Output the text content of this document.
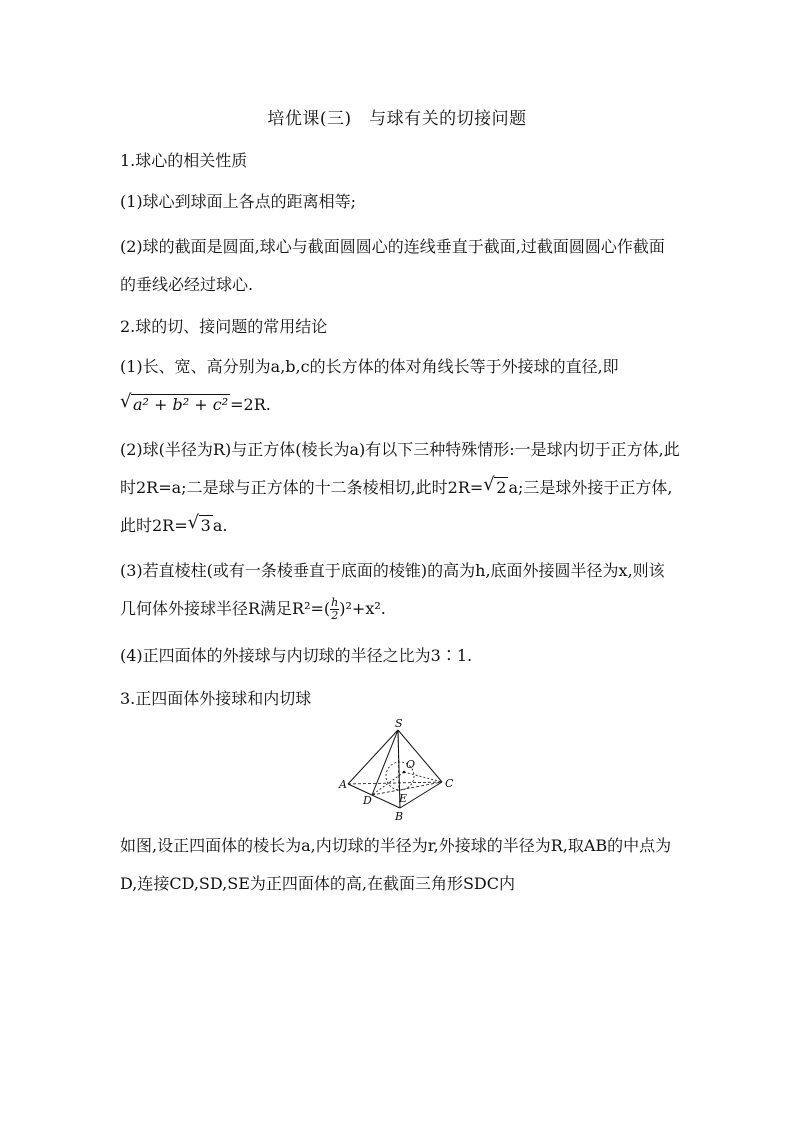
培优课(三)　与球有关的切接问题

1.球心的相关性质

(1)球心到球面上各点的距离相等;

(2)球的截面是圆面,球心与截面圆圆心的连线垂直于截面,过截面圆圆心作截面的垂线必经过球心.

2.球的切、接问题的常用结论

(1)长、宽、高分别为a,b,c的长方体的体对角线长等于外接球的直径,即
√ a² + b² + c² =2R.

(2)球(半径为R)与正方体(棱长为a)有以下三种特殊情形:一是球内切于正方体,此时2R=a;二是球与正方体的十二条棱相切,此时2R= √ 2 a;三是球外接于正方体,此时2R= √ 3 a.

(3)若直棱柱(或有一条棱垂直于底面的棱锥)的高为h,底面外接圆半径为x,则该几何体外接球半径R满足$R^2=( \frac{h}{2} )^2+x^2$.

(4)正四面体的外接球与内切球的半径之比为3∶1.

3.正四面体外接球和内切球

S
A
B
C
D E
O

如图,设正四面体的棱长为a,内切球的半径为r,外接球的半径为R,取AB的中点为D,连接CD,SD,SE为正四面体的高,在截面三角形SDC内
